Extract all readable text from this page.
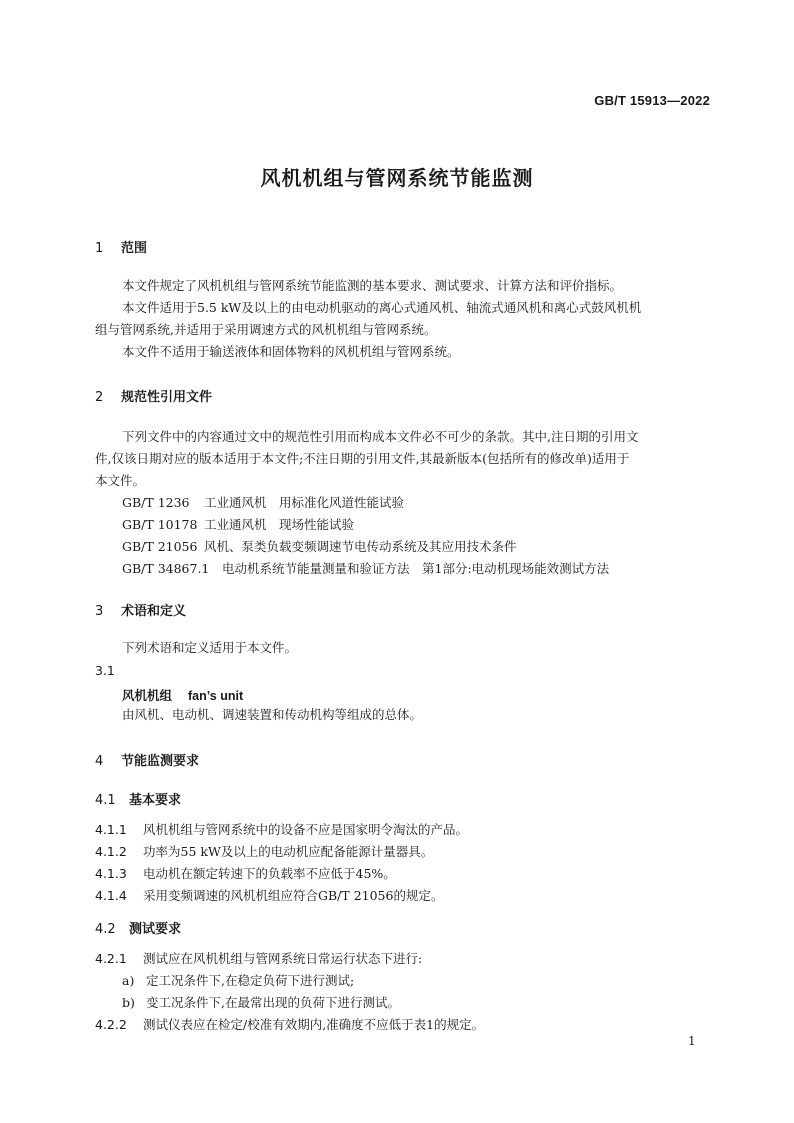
GB/T 15913—2022
风机机组与管网系统节能监测
1 范围
本文件规定了风机机组与管网系统节能监测的基本要求、测试要求、计算方法和评价指标。
本文件适用于5.5 kW及以上的由电动机驱动的离心式通风机、轴流式通风机和离心式鼓风机机
组与管网系统,并适用于采用调速方式的风机机组与管网系统。
本文件不适用于输送液体和固体物料的风机机组与管网系统。
2 规范性引用文件
下列文件中的内容通过文中的规范性引用而构成本文件必不可少的条款。其中,注日期的引用文
件,仅该日期对应的版本适用于本文件;不注日期的引用文件,其最新版本(包括所有的修改单)适用于
本文件。
GB/T 1236 工业通风机　用标准化风道性能试验
GB/T 10178 工业通风机　现场性能试验
GB/T 21056 风机、泵类负载变频调速节电传动系统及其应用技术条件
GB/T 34867.1 电动机系统节能量测量和验证方法　第1部分:电动机现场能效测试方法
3 术语和定义
下列术语和定义适用于本文件。
3.1
风机机组 fan’s unit
由风机、电动机、调速装置和传动机构等组成的总体。
4 节能监测要求
4.1 基本要求
4.1.1 风机机组与管网系统中的设备不应是国家明令淘汰的产品。
4.1.2 功率为55 kW及以上的电动机应配备能源计量器具。
4.1.3 电动机在额定转速下的负载率不应低于45%。
4.1.4 采用变频调速的风机机组应符合GB/T 21056的规定。
4.2 测试要求
4.2.1 测试应在风机机组与管网系统日常运行状态下进行:
a) 定工况条件下,在稳定负荷下进行测试;
b) 变工况条件下,在最常出现的负荷下进行测试。
4.2.2 测试仪表应在检定/校准有效期内,准确度不应低于表1的规定。
1
